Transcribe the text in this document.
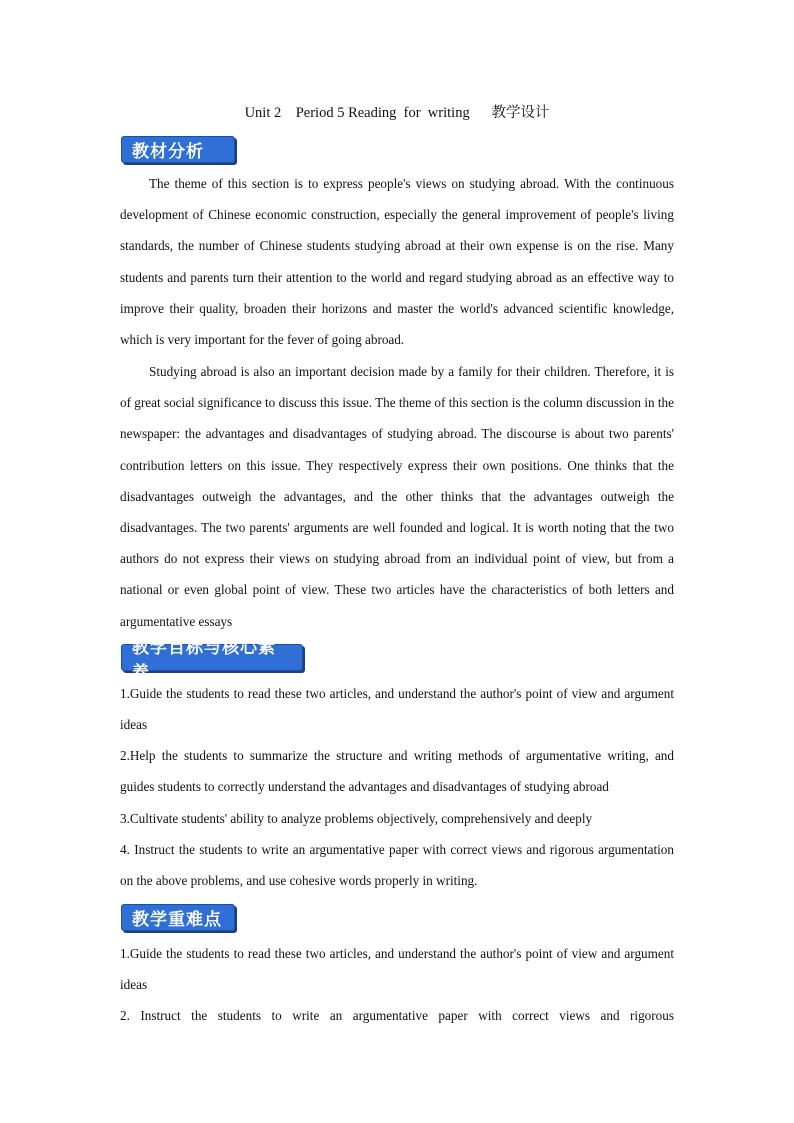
Unit 2    Period 5 Reading  for  writing      教学设计
教材分析

The theme of this section is to express people's views on studying abroad. With the continuous development of Chinese economic construction, especially the general improvement of people's living standards, the number of Chinese students studying abroad at their own expense is on the rise. Many students and parents turn their attention to the world and regard studying abroad as an effective way to improve their quality, broaden their horizons and master the world's advanced scientific knowledge, which is very important for the fever of going abroad.

Studying abroad is also an important decision made by a family for their children. Therefore, it is of great social significance to discuss this issue. The theme of this section is the column discussion in the newspaper: the advantages and disadvantages of studying abroad. The discourse is about two parents' contribution letters on this issue. They respectively express their own positions. One thinks that the disadvantages outweigh the advantages, and the other thinks that the advantages outweigh the disadvantages. The two parents' arguments are well founded and logical. It is worth noting that the two authors do not express their views on studying abroad from an individual point of view, but from a national or even global point of view. These two articles have the characteristics of both letters and argumentative essays

教学目标与核心素养

1.Guide the students to read these two articles, and understand the author's point of view and argument ideas

2.Help the students to summarize the structure and writing methods of argumentative writing, and guides students to correctly understand the advantages and disadvantages of studying abroad

3.Cultivate students' ability to analyze problems objectively, comprehensively and deeply

4. Instruct the students to write an argumentative paper with correct views and rigorous argumentation on the above problems, and use cohesive words properly in writing.

教学重难点

1.Guide the students to read these two articles, and understand the author's point of view and argument ideas

2. Instruct the students to write an argumentative paper with correct views and rigorous
